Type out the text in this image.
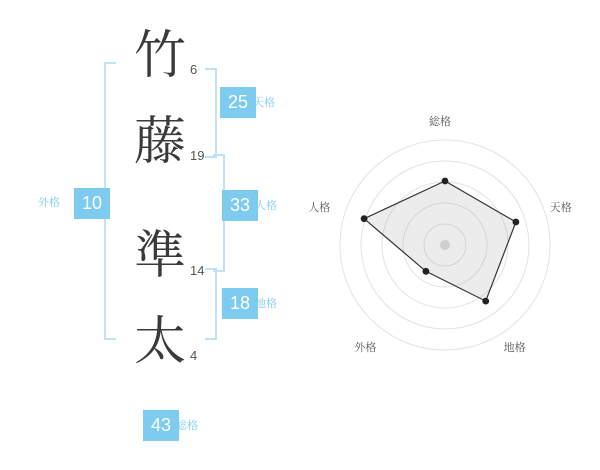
竹 6
藤 19
準 14
太 4
10
外格
25 天格
33 人格
18 地格
43 総格
総格
天格
地格
外格
人格
